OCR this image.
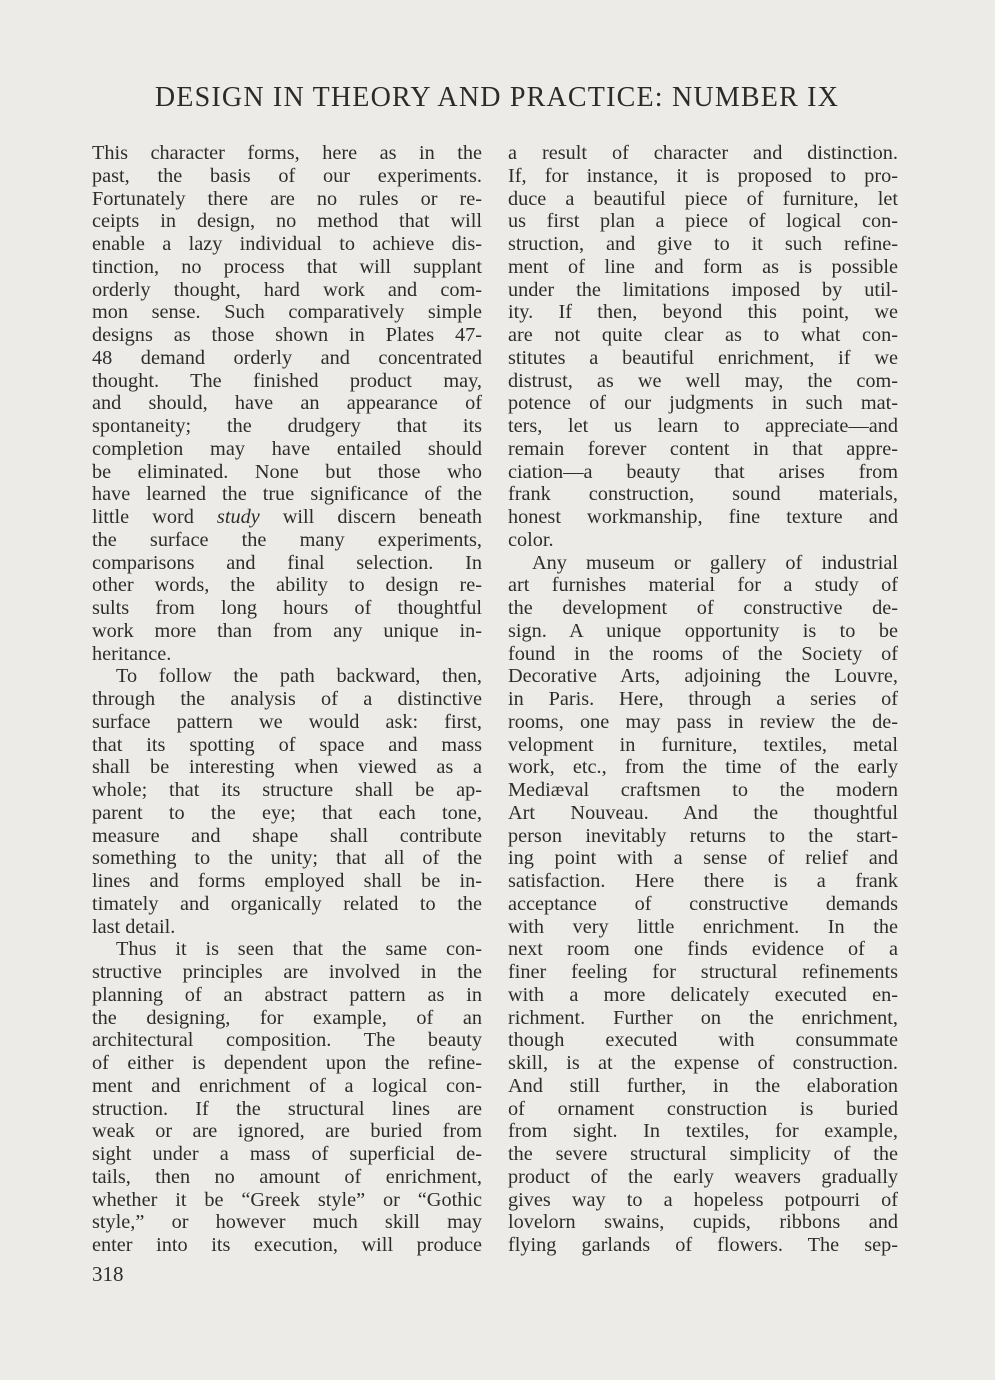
DESIGN IN THEORY AND PRACTICE: NUMBER IX
This character forms, here as in the
past, the basis of our experiments.
Fortunately there are no rules or re-
ceipts in design, no method that will
enable a lazy individual to achieve dis-
tinction, no process that will supplant
orderly thought, hard work and com-
mon sense. Such comparatively simple
designs as those shown in Plates 47-
48 demand orderly and concentrated
thought. The finished product may,
and should, have an appearance of
spontaneity; the drudgery that its
completion may have entailed should
be eliminated. None but those who
have learned the true significance of the
little word study will discern beneath
the surface the many experiments,
comparisons and final selection. In
other words, the ability to design re-
sults from long hours of thoughtful
work more than from any unique in-
heritance.
To follow the path backward, then,
through the analysis of a distinctive
surface pattern we would ask: first,
that its spotting of space and mass
shall be interesting when viewed as a
whole; that its structure shall be ap-
parent to the eye; that each tone,
measure and shape shall contribute
something to the unity; that all of the
lines and forms employed shall be in-
timately and organically related to the
last detail.
Thus it is seen that the same con-
structive principles are involved in the
planning of an abstract pattern as in
the designing, for example, of an
architectural composition. The beauty
of either is dependent upon the refine-
ment and enrichment of a logical con-
struction. If the structural lines are
weak or are ignored, are buried from
sight under a mass of superficial de-
tails, then no amount of enrichment,
whether it be “Greek style” or “Gothic
style,” or however much skill may
enter into its execution, will produce
a result of character and distinction.
If, for instance, it is proposed to pro-
duce a beautiful piece of furniture, let
us first plan a piece of logical con-
struction, and give to it such refine-
ment of line and form as is possible
under the limitations imposed by util-
ity. If then, beyond this point, we
are not quite clear as to what con-
stitutes a beautiful enrichment, if we
distrust, as we well may, the com-
potence of our judgments in such mat-
ters, let us learn to appreciate—and
remain forever content in that appre-
ciation—a beauty that arises from
frank construction, sound materials,
honest workmanship, fine texture and
color.
Any museum or gallery of industrial
art furnishes material for a study of
the development of constructive de-
sign. A unique opportunity is to be
found in the rooms of the Society of
Decorative Arts, adjoining the Louvre,
in Paris. Here, through a series of
rooms, one may pass in review the de-
velopment in furniture, textiles, metal
work, etc., from the time of the early
Mediæval craftsmen to the modern
Art Nouveau. And the thoughtful
person inevitably returns to the start-
ing point with a sense of relief and
satisfaction. Here there is a frank
acceptance of constructive demands
with very little enrichment. In the
next room one finds evidence of a
finer feeling for structural refinements
with a more delicately executed en-
richment. Further on the enrichment,
though executed with consummate
skill, is at the expense of construction.
And still further, in the elaboration
of ornament construction is buried
from sight. In textiles, for example,
the severe structural simplicity of the
product of the early weavers gradually
gives way to a hopeless potpourri of
lovelorn swains, cupids, ribbons and
flying garlands of flowers. The sep-
318
